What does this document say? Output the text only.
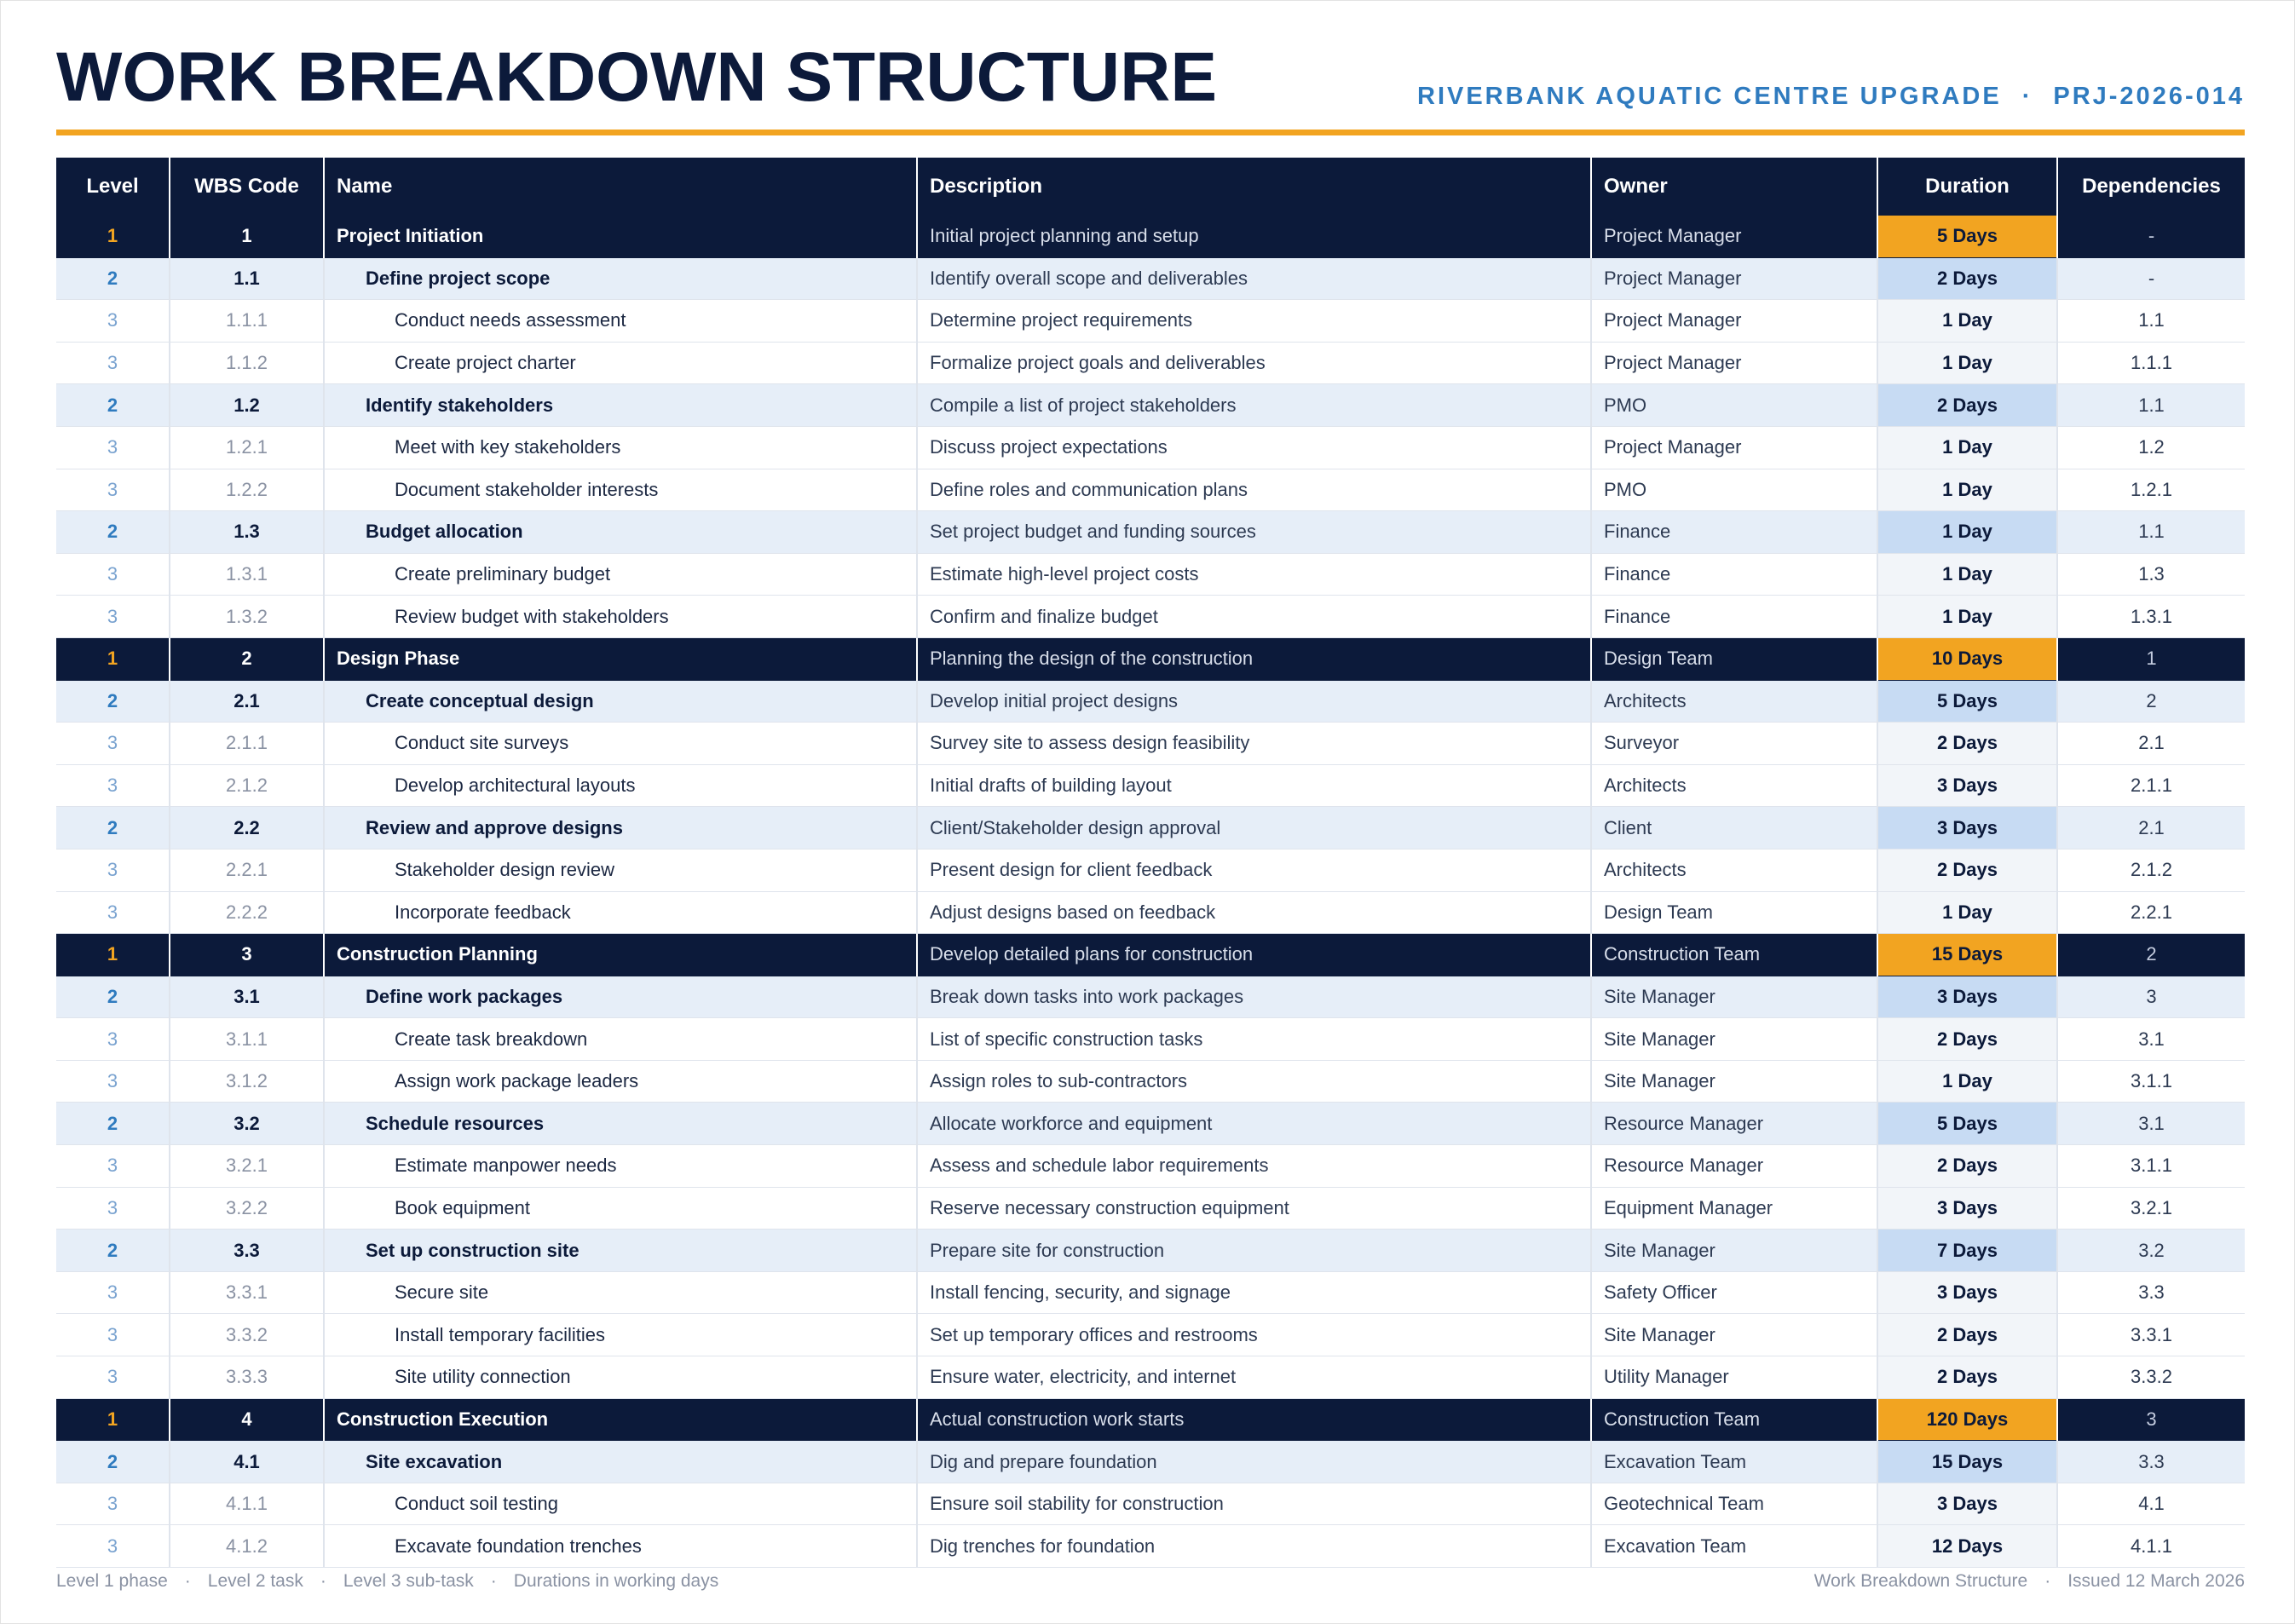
WORK BREAKDOWN STRUCTURE	RIVERBANK AQUATIC CENTRE UPGRADE · PRJ-2026-014
Level	WBS Code	Name	Description	Owner	Duration	Dependencies
1	1	Project Initiation	Initial project planning and setup	Project Manager	5 Days	-
2	1.1	Define project scope	Identify overall scope and deliverables	Project Manager	2 Days	-
3	1.1.1	Conduct needs assessment	Determine project requirements	Project Manager	1 Day	1.1
3	1.1.2	Create project charter	Formalize project goals and deliverables	Project Manager	1 Day	1.1.1
2	1.2	Identify stakeholders	Compile a list of project stakeholders	PMO	2 Days	1.1
3	1.2.1	Meet with key stakeholders	Discuss project expectations	Project Manager	1 Day	1.2
3	1.2.2	Document stakeholder interests	Define roles and communication plans	PMO	1 Day	1.2.1
2	1.3	Budget allocation	Set project budget and funding sources	Finance	1 Day	1.1
3	1.3.1	Create preliminary budget	Estimate high-level project costs	Finance	1 Day	1.3
3	1.3.2	Review budget with stakeholders	Confirm and finalize budget	Finance	1 Day	1.3.1
1	2	Design Phase	Planning the design of the construction	Design Team	10 Days	1
2	2.1	Create conceptual design	Develop initial project designs	Architects	5 Days	2
3	2.1.1	Conduct site surveys	Survey site to assess design feasibility	Surveyor	2 Days	2.1
3	2.1.2	Develop architectural layouts	Initial drafts of building layout	Architects	3 Days	2.1.1
2	2.2	Review and approve designs	Client/Stakeholder design approval	Client	3 Days	2.1
3	2.2.1	Stakeholder design review	Present design for client feedback	Architects	2 Days	2.1.2
3	2.2.2	Incorporate feedback	Adjust designs based on feedback	Design Team	1 Day	2.2.1
1	3	Construction Planning	Develop detailed plans for construction	Construction Team	15 Days	2
2	3.1	Define work packages	Break down tasks into work packages	Site Manager	3 Days	3
3	3.1.1	Create task breakdown	List of specific construction tasks	Site Manager	2 Days	3.1
3	3.1.2	Assign work package leaders	Assign roles to sub-contractors	Site Manager	1 Day	3.1.1
2	3.2	Schedule resources	Allocate workforce and equipment	Resource Manager	5 Days	3.1
3	3.2.1	Estimate manpower needs	Assess and schedule labor requirements	Resource Manager	2 Days	3.1.1
3	3.2.2	Book equipment	Reserve necessary construction equipment	Equipment Manager	3 Days	3.2.1
2	3.3	Set up construction site	Prepare site for construction	Site Manager	7 Days	3.2
3	3.3.1	Secure site	Install fencing, security, and signage	Safety Officer	3 Days	3.3
3	3.3.2	Install temporary facilities	Set up temporary offices and restrooms	Site Manager	2 Days	3.3.1
3	3.3.3	Site utility connection	Ensure water, electricity, and internet	Utility Manager	2 Days	3.3.2
1	4	Construction Execution	Actual construction work starts	Construction Team	120 Days	3
2	4.1	Site excavation	Dig and prepare foundation	Excavation Team	15 Days	3.3
3	4.1.1	Conduct soil testing	Ensure soil stability for construction	Geotechnical Team	3 Days	4.1
3	4.1.2	Excavate foundation trenches	Dig trenches for foundation	Excavation Team	12 Days	4.1.1
Level 1 phase · Level 2 task · Level 3 sub-task · Durations in working days	Work Breakdown Structure · Issued 12 March 2026
